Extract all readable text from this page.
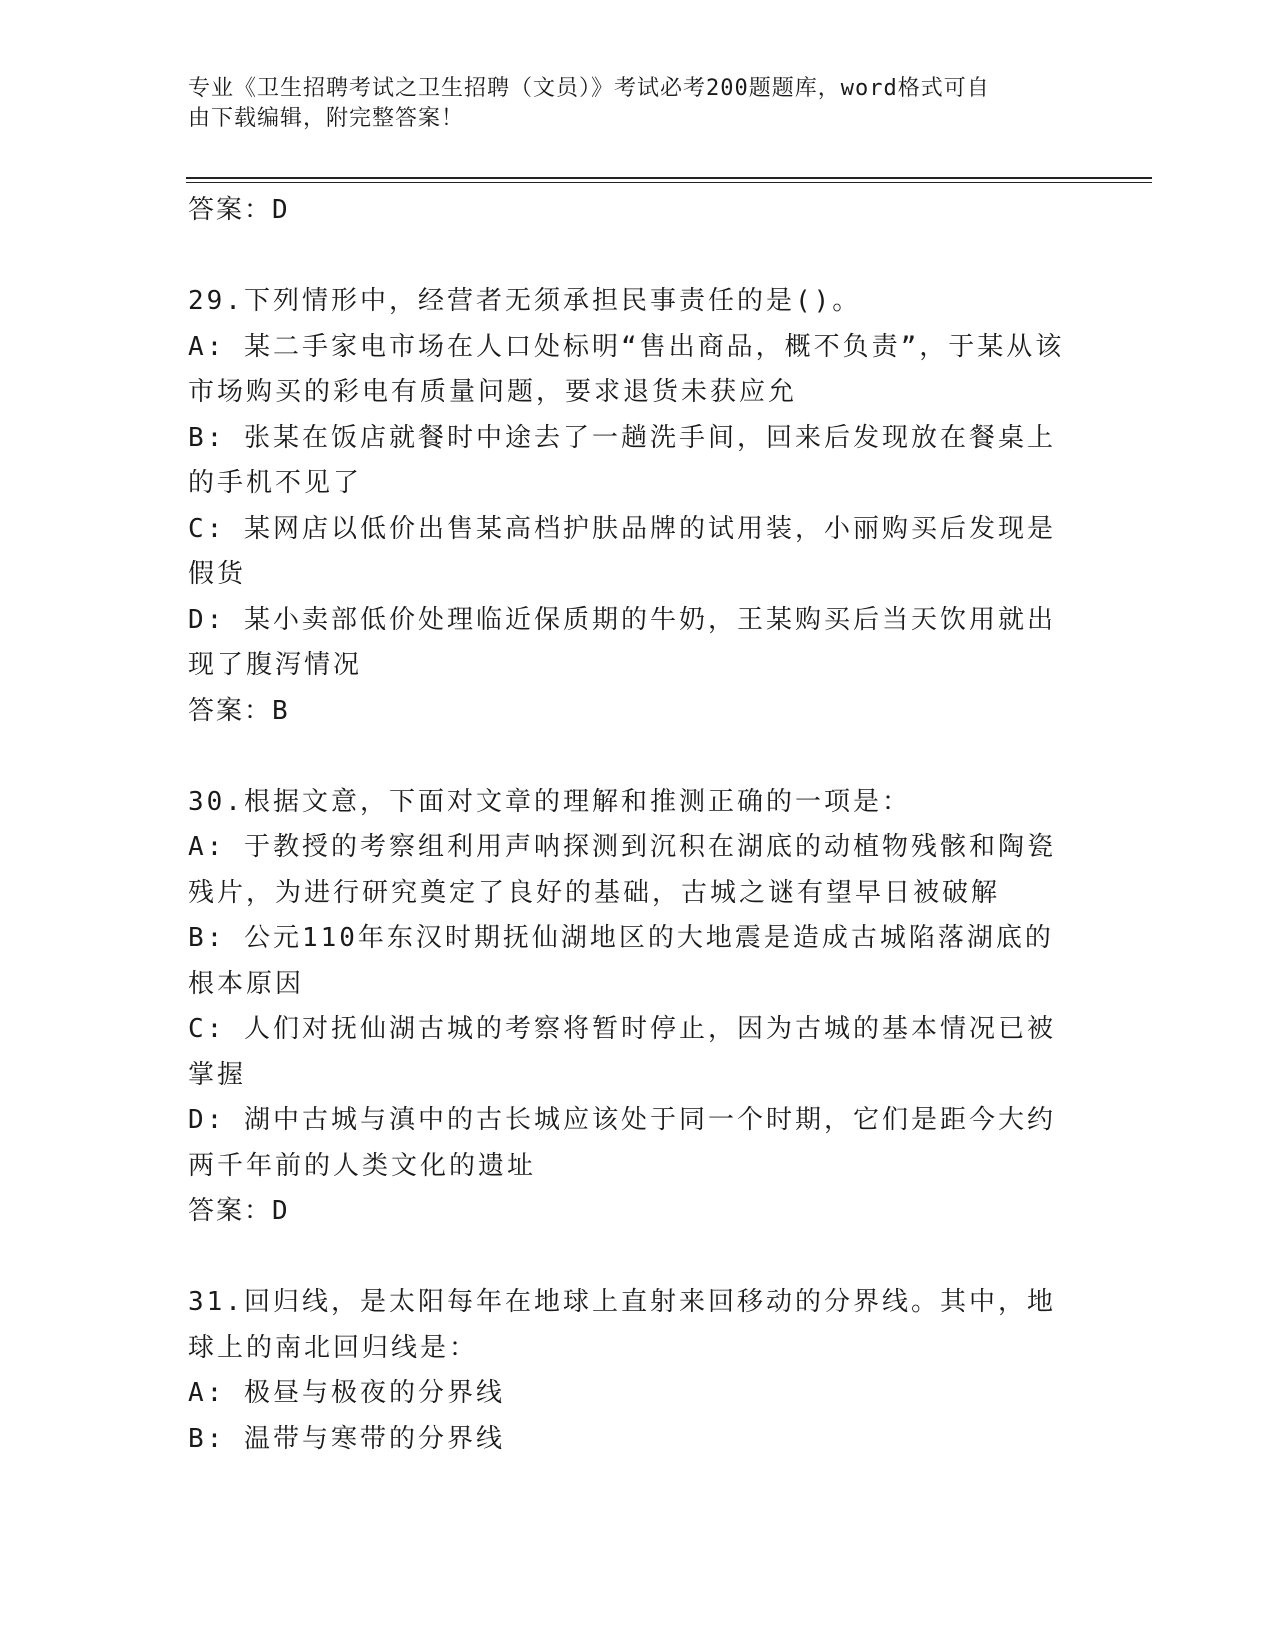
专业《卫生招聘考试之卫生招聘（文员）》考试必考200题题库，word格式可自
由下载编辑，附完整答案！
答案：D
29.下列情形中，经营者无须承担民事责任的是()。
A: 某二手家电市场在人口处标明“售出商品，概不负责”，于某从该市场购买的彩电有质量问题，要求退货未获应允
B: 张某在饭店就餐时中途去了一趟洗手间，回来后发现放在餐桌上的手机不见了
C: 某网店以低价出售某高档护肤品牌的试用装，小丽购买后发现是假货
D: 某小卖部低价处理临近保质期的牛奶，王某购买后当天饮用就出现了腹泻情况
答案：B
30.根据文意，下面对文章的理解和推测正确的一项是：
A: 于教授的考察组利用声呐探测到沉积在湖底的动植物残骸和陶瓷残片，为进行研究奠定了良好的基础，古城之谜有望早日被破解
B: 公元110年东汉时期抚仙湖地区的大地震是造成古城陷落湖底的根本原因
C: 人们对抚仙湖古城的考察将暂时停止，因为古城的基本情况已被掌握
D: 湖中古城与滇中的古长城应该处于同一个时期，它们是距今大约两千年前的人类文化的遗址
答案：D
31.回归线，是太阳每年在地球上直射来回移动的分界线。其中，地球上的南北回归线是：
A: 极昼与极夜的分界线
B: 温带与寒带的分界线
